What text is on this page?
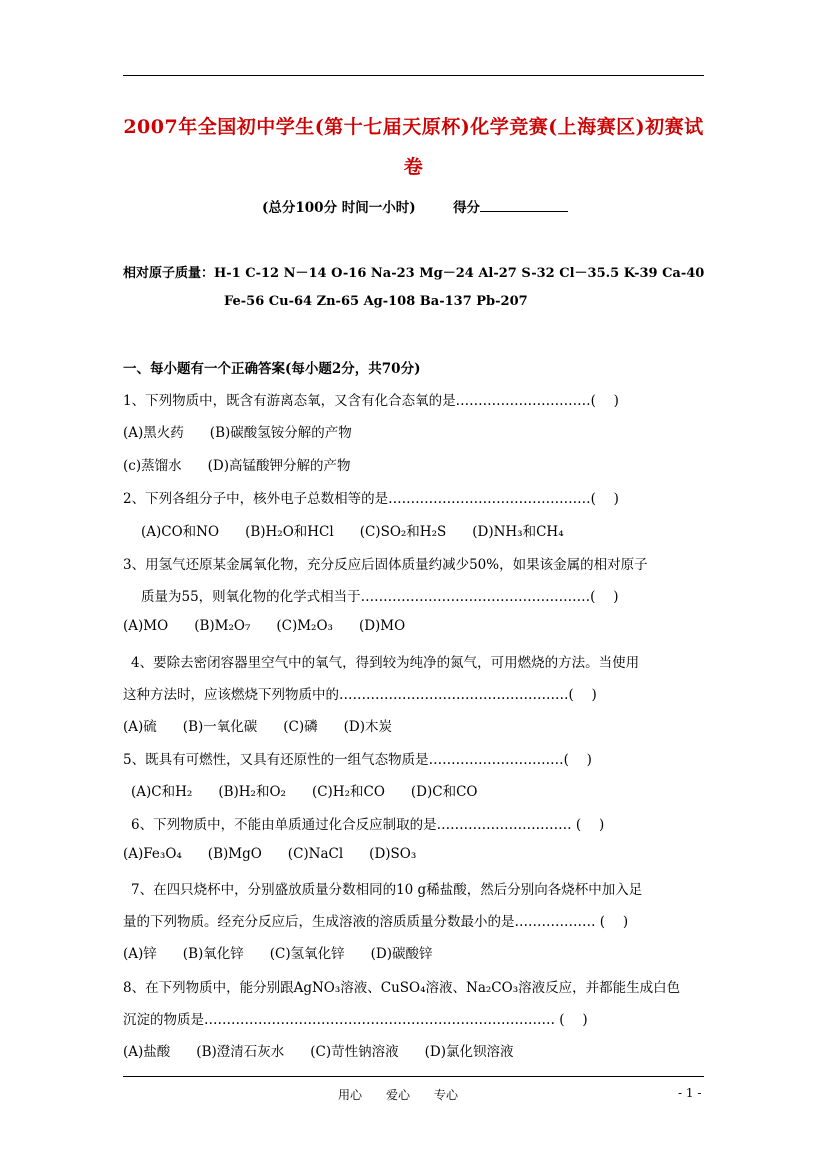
2007年全国初中学生(第十七届天原杯)化学竞赛(上海赛区)初赛试
卷
(总分100分 时间一小时)	得分
相对原子质量：H-1 C-12 N－14 O-16 Na-23 Mg－24 Al-27 S-32 Cl－35.5 K-39 Ca-40
Fe-56 Cu-64 Zn-65 Ag-108 Ba-137 Pb-207
一、每小题有一个正确答案(每小题2分，共70分)
1、下列物质中，既含有游离态氧，又含有化合态氧的是…………………………(　 )
(A)黑火药 (B)碳酸氢铵分解的产物
(c)蒸馏水 (D)高锰酸钾分解的产物
2、下列各组分子中，核外电子总数相等的是………………………………………(　 )
(A)CO和NO (B)H₂O和HCl (C)SO₂和H₂S (D)NH₃和CH₄
3、用氢气还原某金属氧化物，充分反应后固体质量约减少50%，如果该金属的相对原子
质量为55，则氧化物的化学式相当于……………………………………………(　 )
(A)MO (B)M₂O₇ (C)M₂O₃ (D)MO
4、要除去密闭容器里空气中的氧气，得到较为纯净的氮气，可用燃烧的方法。当使用
这种方法时，应该燃烧下列物质中的……………………………………………(　 )
(A)硫 (B)一氧化碳 (C)磷 (D)木炭
5、既具有可燃性，又具有还原性的一组气态物质是…………………………(　 )
(A)C和H₂ (B)H₂和O₂ (C)H₂和CO (D)C和CO
6、下列物质中，不能由单质通过化合反应制取的是………………………… (　 )
(A)Fe₃O₄ (B)MgO (C)NaCl (D)SO₃
7、在四只烧杯中，分别盛放质量分数相同的10 g稀盐酸，然后分别向各烧杯中加入足
量的下列物质。经充分反应后，生成溶液的溶质质量分数最小的是……………… (　 )
(A)锌 (B)氧化锌 (C)氢氧化锌 (D)碳酸锌
8、在下列物质中，能分别跟AgNO₃溶液、CuSO₄溶液、Na₂CO₃溶液反应，并都能生成白色
沉淀的物质是…………………………………………………………………… (　 )
(A)盐酸 (B)澄清石灰水 (C)苛性钠溶液 (D)氯化钡溶液
用心　　爱心　　专心	- 1 -
